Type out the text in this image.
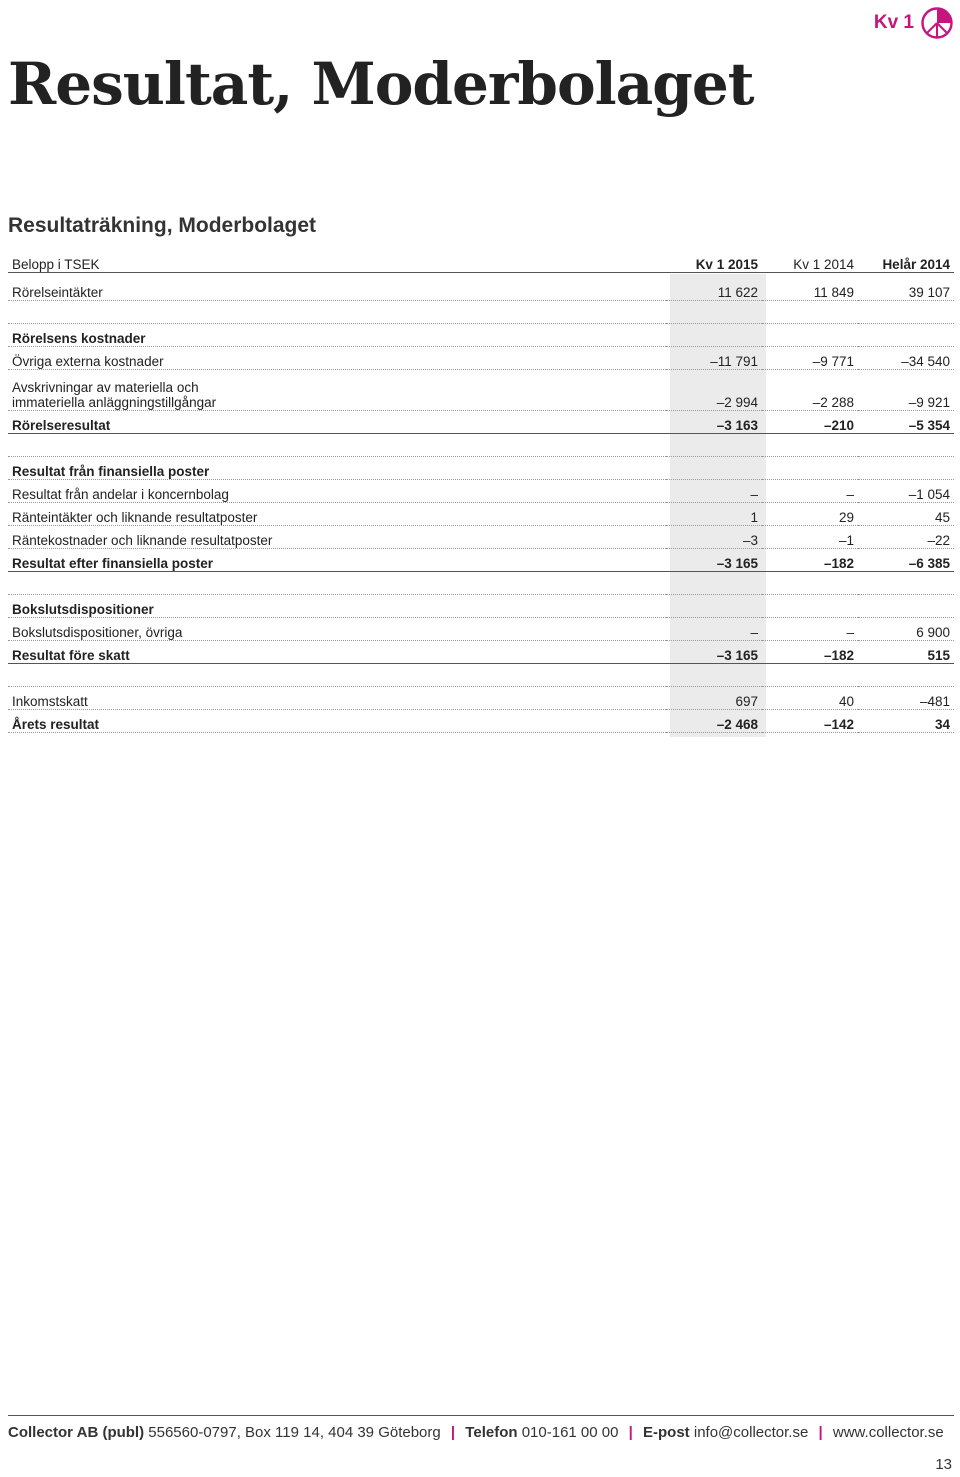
Kv 1
Resultat, Moderbolaget
Resultaträkning, Moderbolaget
Belopp i TSEK	Kv 1 2015	Kv 1 2014	Helår 2014
Rörelseintäkter	11 622	11 849	39 107

Rörelsens kostnader			
Övriga externa kostnader	–11 791	–9 771	–34 540
Avskrivningar av materiella och
immateriella anläggningstillgångar	–2 994	–2 288	–9 921
Rörelseresultat	–3 163	–210	–5 354

Resultat från finansiella poster			
Resultat från andelar i koncernbolag	–	–	–1 054
Ränteintäkter och liknande resultatposter	1	29	45
Räntekostnader och liknande resultatposter	–3	–1	–22
Resultat efter finansiella poster	–3 165	–182	–6 385

Bokslutsdispositioner			
Bokslutsdispositioner, övriga	–	–	6 900
Resultat före skatt	–3 165	–182	515

Inkomstskatt	697	40	–481
Årets resultat	–2 468	–142	34
Collector AB (publ) 556560-0797, Box 119 14, 404 39 Göteborg | Telefon 010-161 00 00 | E-post info@collector.se | www.collector.se
13
